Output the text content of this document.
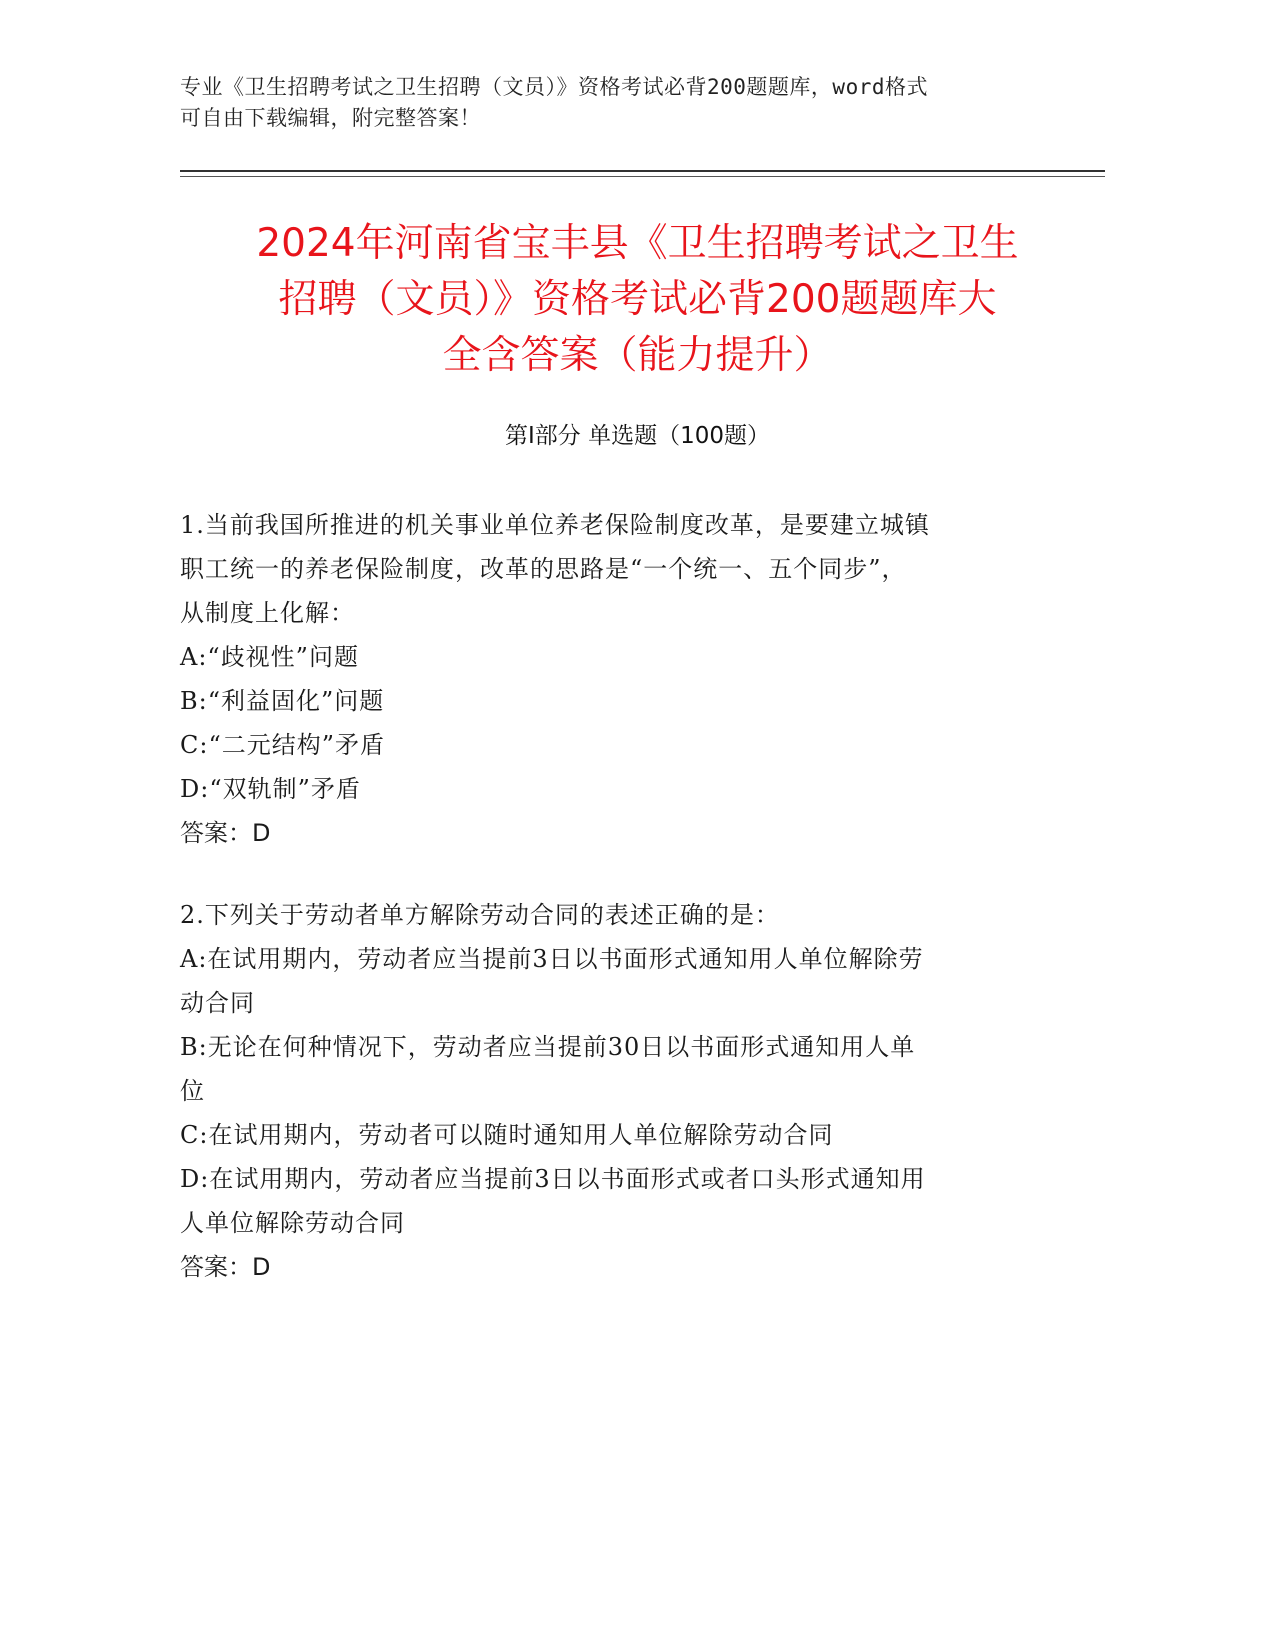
专业《卫生招聘考试之卫生招聘（文员）》资格考试必背200题题库，word格式
可自由下载编辑，附完整答案！
2024年河南省宝丰县《卫生招聘考试之卫生
招聘（文员）》资格考试必背200题题库大
全含答案（能力提升）
第I部分 单选题（100题）
1.当前我国所推进的机关事业单位养老保险制度改革，是要建立城镇
职工统一的养老保险制度，改革的思路是“一个统一、五个同步”，
从制度上化解：
A:“歧视性”问题
B:“利益固化”问题
C:“二元结构”矛盾
D:“双轨制”矛盾
答案：D
2.下列关于劳动者单方解除劳动合同的表述正确的是：
A:在试用期内，劳动者应当提前3日以书面形式通知用人单位解除劳
动合同
B:无论在何种情况下，劳动者应当提前30日以书面形式通知用人单
位
C:在试用期内，劳动者可以随时通知用人单位解除劳动合同
D:在试用期内，劳动者应当提前3日以书面形式或者口头形式通知用
人单位解除劳动合同
答案：D
